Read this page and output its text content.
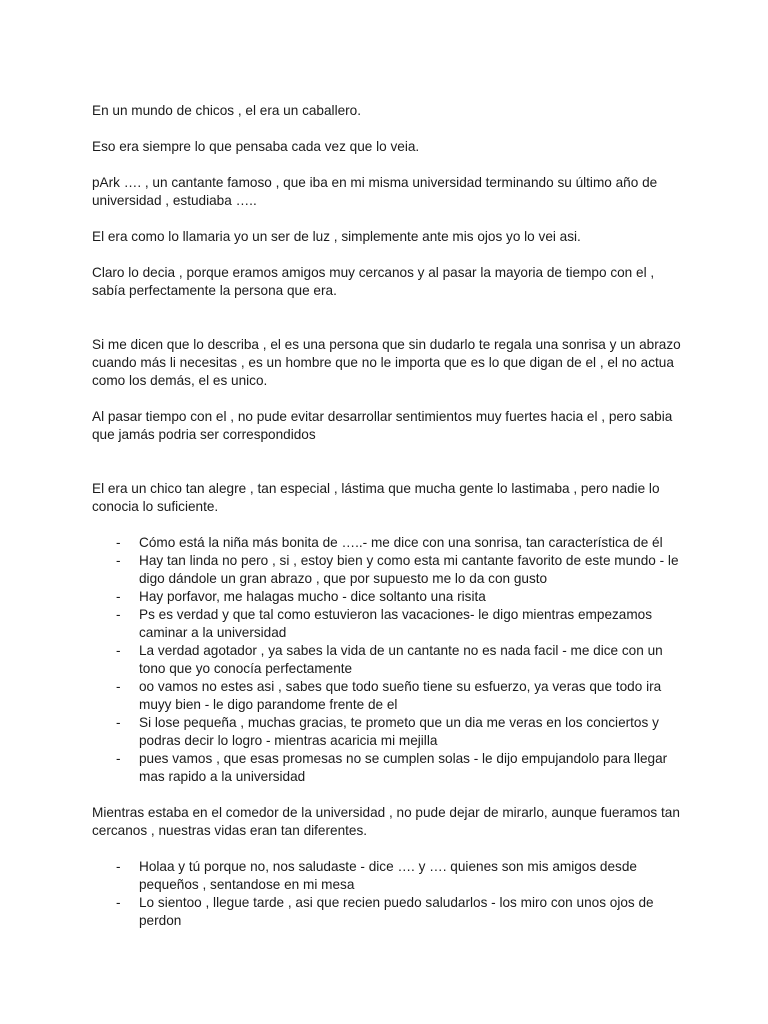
En un mundo de chicos , el era un caballero.

Eso era siempre lo que pensaba cada vez que lo veia.

pArk …. , un cantante famoso , que iba en mi misma universidad terminando su último año de universidad , estudiaba …..

El era como lo llamaria yo un ser de luz , simplemente ante mis ojos yo lo vei asi.

Claro lo decia , porque eramos amigos muy cercanos y al pasar la mayoria de tiempo con el , sabía perfectamente la persona que era.

Si me dicen que lo describa , el es una persona que sin dudarlo te regala una sonrisa y un abrazo cuando más li necesitas , es un hombre que no le importa que es lo que digan de el , el no actua como los demás, el es unico.

Al pasar tiempo con el , no pude evitar desarrollar sentimientos muy fuertes hacia el , pero sabia que jamás podria ser correspondidos

El era un chico tan alegre , tan especial , lástima que mucha gente lo lastimaba , pero nadie lo conocia lo suficiente.

- Cómo está la niña más bonita de …..- me dice con una sonrisa, tan característica de él
- Hay tan linda no pero , si , estoy bien y como esta mi cantante favorito de este mundo - le digo dándole un gran abrazo , que por supuesto me lo da con gusto
- Hay porfavor, me halagas mucho - dice soltanto una risita
- Ps es verdad y que tal como estuvieron las vacaciones- le digo mientras empezamos caminar a la universidad
- La verdad agotador , ya sabes la vida de un cantante no es nada facil - me dice con un tono que yo conocía perfectamente
- oo vamos no estes asi , sabes que todo sueño tiene su esfuerzo, ya veras que todo ira muyy bien - le digo parandome frente de el
- Si lose pequeña , muchas gracias, te prometo que un dia me veras en los conciertos y podras decir lo logro - mientras acaricia mi mejilla
- pues vamos , que esas promesas no se cumplen solas - le dijo empujandolo para llegar mas rapido a la universidad

Mientras estaba en el comedor de la universidad , no pude dejar de mirarlo, aunque fueramos tan cercanos , nuestras vidas eran tan diferentes.

- Holaa y tú porque no, nos saludaste - dice …. y …. quienes son mis amigos desde pequeños , sentandose en mi mesa
- Lo sientoo , llegue tarde , asi que recien puedo saludarlos - los miro con unos ojos de perdon
